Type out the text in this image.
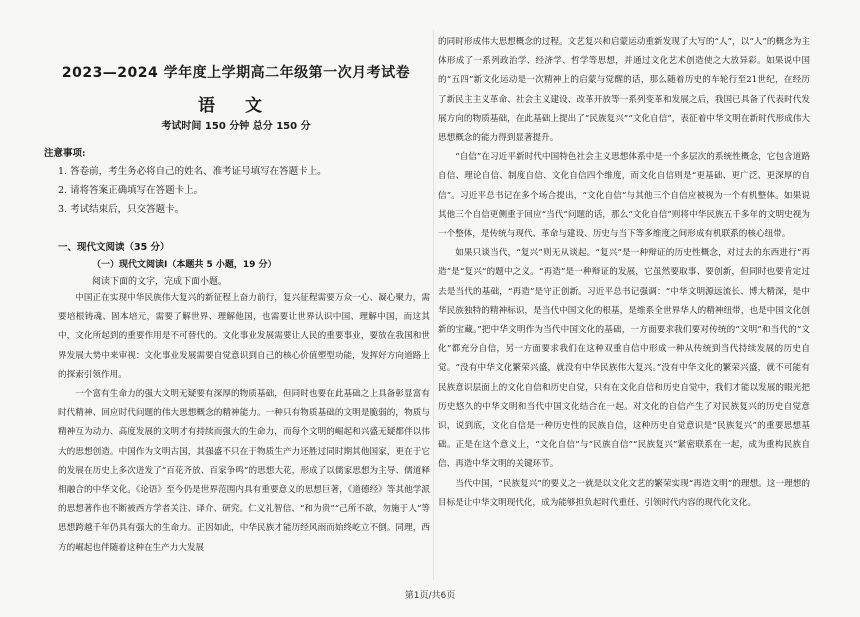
2023—2024 学年度上学期高二年级第一次月考试卷
语 文
考试时间 150 分钟 总分 150 分
注意事项:
1. 答卷前，考生务必将自己的姓名、准考证号填写在答题卡上。
2. 请将答案正确填写在答题卡上。
3. 考试结束后，只交答题卡。
一、现代文阅读（35 分）
（一）现代文阅读Ⅰ（本题共 5 小题，19 分）
阅读下面的文字，完成下面小题。

中国正在实现中华民族伟大复兴的新征程上奋力前行，复兴征程需要万众一心、凝心聚力，需要培根铸魂、固本培元，需要了解世界、理解他国，也需要让世界认识中国、理解中国，而这其中，文化所起到的重要作用是不可替代的。文化事业发展需要让人民的重要事业，要放在我国和世界发展大势中来审视：文化事业发展需要自觉意识到自己的核心价值塑型功能，发挥好方向道路上的探索引领作用。

一个富有生命力的强大文明无疑要有深厚的物质基础，但同时也要在此基础之上具备彰显富有时代精神、回应时代问题的伟大思想概念的精神能力。一种只有物质基础的文明是脆弱的，物质与精神互为动力、高度发展的文明才有持续而强大的生命力，而每个文明的崛起和兴盛无疑都伴以伟大的思想创造。中国作为文明古国，其强盛不只在于物质生产力还胜过同时期其他国家，更在于它的发展在历史上多次迸发了“百花齐放、百家争鸣”的思想大花，形成了以儒家思想为主导、儒道释相融合的中华文化。《论语》至今仍是世界范围内具有重要意义的思想巨著，《道德经》等其他学派的思想著作也不断被西方学者关注、译介、研究。仁义礼智信、“和为贵”“己所不欲，勿施于人”等思想跨越千年仍具有强大的生命力。正因如此，中华民族才能历经风雨而始终屹立不倒。同理，西方的崛起也伴随着这种在生产力大发展

的同时形成伟大思想概念的过程。文艺复兴和启蒙运动重新发现了大写的“人”，以“人”的概念为主体形成了一系列政治学、经济学、哲学等思想，并通过文化艺术创造使之大放异彩。如果说中国的“五四”新文化运动是一次精神上的启蒙与觉醒的话，那么随着历史的车轮行至21世纪，在经历了新民主主义革命、社会主义建设、改革开放等一系列变革和发展之后，我国已具备了代表时代发展方向的物质基础，在此基础上提出了“民族复兴”“文化自信”，表征着中华文明在新时代形成伟大思想概念的能力得到显著提升。

“自信”在习近平新时代中国特色社会主义思想体系中是一个多层次的系统性概念，它包含道路自信、理论自信、制度自信、文化自信四个维度，而文化自信则是“更基础、更广泛、更深厚的自信”。习近平总书记在多个场合提出，“文化自信”与其他三个自信应被视为一个有机整体。如果说其他三个自信更侧重于回应“当代”问题的话，那么“文化自信”则将中华民族五千多年的文明史视为一个整体，是传统与现代、革命与建设、历史与当下等多维度之间形成有机联系的核心纽带。

如果只谈当代，“复兴”则无从谈起。“复兴”是一种辩证的历史性概念，对过去的东西进行“再造”是“复兴”的题中之义。“再造”是一种辩证的发展，它虽然要取事、要创新，但同时也要肯定过去是当代的基础，“再造”是守正创新。习近平总书记强调：“中华文明源远流长、博大精深，是中华民族独特的精神标识，是当代中国文化的根基，是维系全世界华人的精神纽带，也是中国文化创新的宝藏。”把中华文明作为当代中国文化的基础，一方面要求我们要对传统的“文明”和当代的“文化”都充分自信，另一方面要求我们在这种双重自信中形成一种从传统到当代持续发展的历史自觉。“没有中华文化繁荣兴盛，就没有中华民族伟大复兴。”没有中华文化的繁荣兴盛，就不可能有民族意识层面上的文化自信和历史自觉，只有在文化自信和历史自觉中，我们才能以发展的眼光把历史悠久的中华文明和当代中国文化结合在一起。对文化的自信产生了对民族复兴的历史自觉意识，说到底，文化自信是一种历史性的民族自信，这种历史自觉意识是“民族复兴”的重要思想基础。正是在这个意义上，“文化自信”与“民族自信”“民族复兴”紧密联系在一起，成为重构民族自信、再造中华文明的关键环节。

当代中国，“民族复兴”的要义之一就是以文化文艺的繁荣实现“再造文明”的理想。这一理想的目标是让中华文明现代化，成为能够担负起时代重任、引领时代内容的现代化文化。

第1页/共6页
